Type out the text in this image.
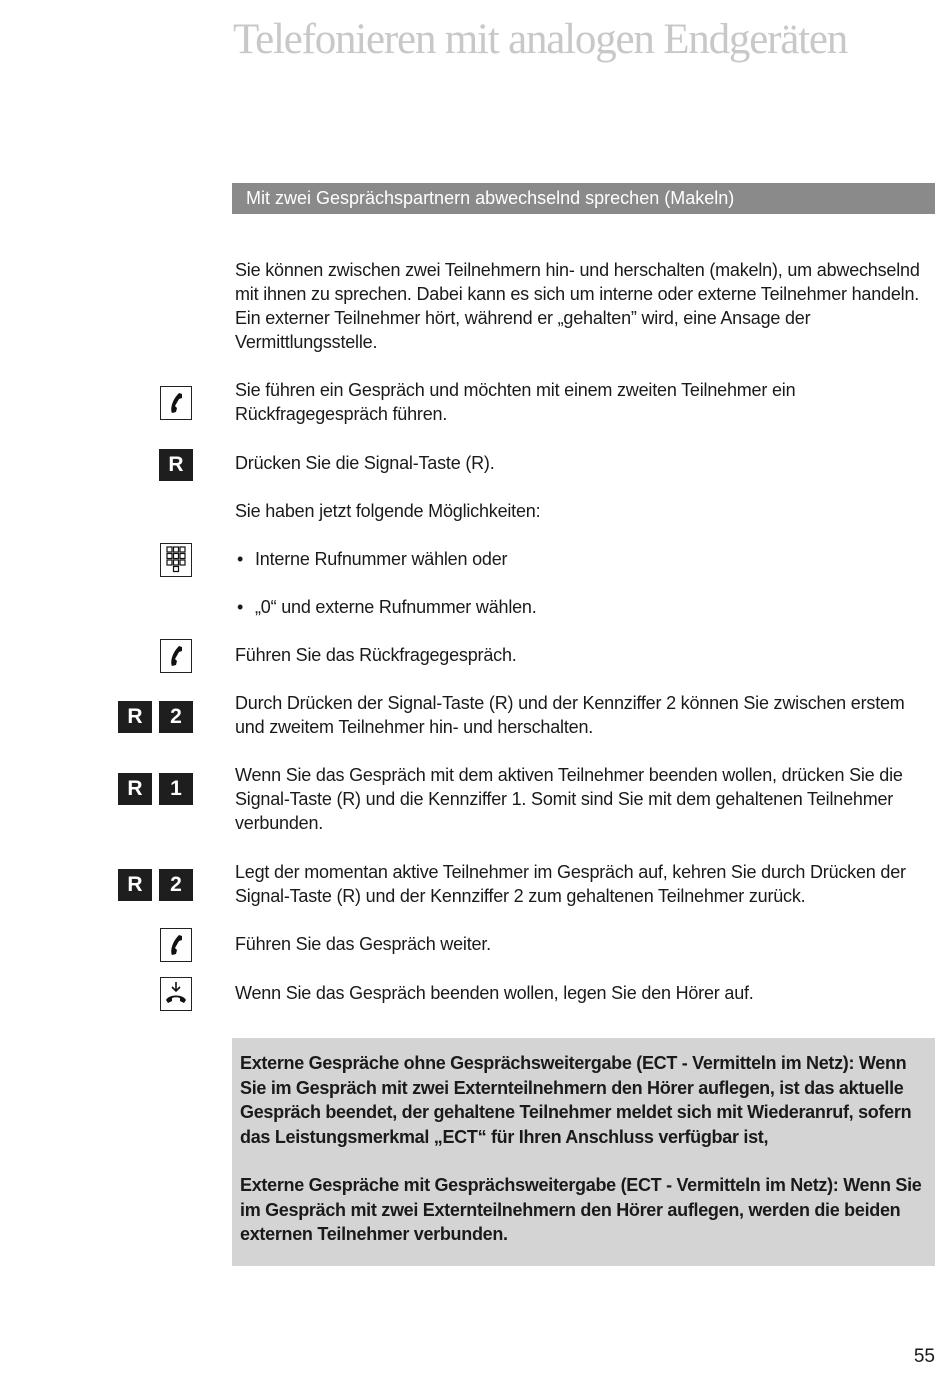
Telefonieren mit analogen Endgeräten
Mit zwei Gesprächspartnern abwechselnd sprechen (Makeln)
Sie können zwischen zwei Teilnehmern hin- und herschalten (makeln), um abwechselnd mit ihnen zu sprechen. Dabei kann es sich um interne oder externe Teilnehmer handeln. Ein externer Teilnehmer hört, während er „gehalten” wird, eine Ansage der Vermittlungsstelle.
Sie führen ein Gespräch und möchten mit einem zweiten Teilnehmer ein Rückfragegespräch führen.
R	Drücken Sie die Signal-Taste (R).
Sie haben jetzt folgende Möglichkeiten:
• Interne Rufnummer wählen oder
• „0“ und externe Rufnummer wählen.
Führen Sie das Rückfragegespräch.
R	2
Durch Drücken der Signal-Taste (R) und der Kennziffer 2 können Sie zwischen erstem und zweitem Teilnehmer hin- und herschalten.
R	1
Wenn Sie das Gespräch mit dem aktiven Teilnehmer beenden wollen, drücken Sie die Signal-Taste (R) und die Kennziffer 1. Somit sind Sie mit dem gehaltenen Teilnehmer verbunden.
R	2
Legt der momentan aktive Teilnehmer im Gespräch auf, kehren Sie durch Drücken der Signal-Taste (R) und der Kennziffer 2 zum gehaltenen Teilnehmer zurück.
Führen Sie das Gespräch weiter.
Wenn Sie das Gespräch beenden wollen, legen Sie den Hörer auf.
Externe Gespräche ohne Gesprächsweitergabe (ECT - Vermitteln im Netz): Wenn Sie im Gespräch mit zwei Externteilnehmern den Hörer auflegen, ist das aktuelle Gespräch beendet, der gehaltene Teilnehmer meldet sich mit Wiederanruf, sofern das Leistungsmerkmal „ECT“ für Ihren Anschluss verfügbar ist,
Externe Gespräche mit Gesprächsweitergabe (ECT - Vermitteln im Netz): Wenn Sie im Gespräch mit zwei Externteilnehmern den Hörer auflegen, werden die beiden externen Teilnehmer verbunden.
55
